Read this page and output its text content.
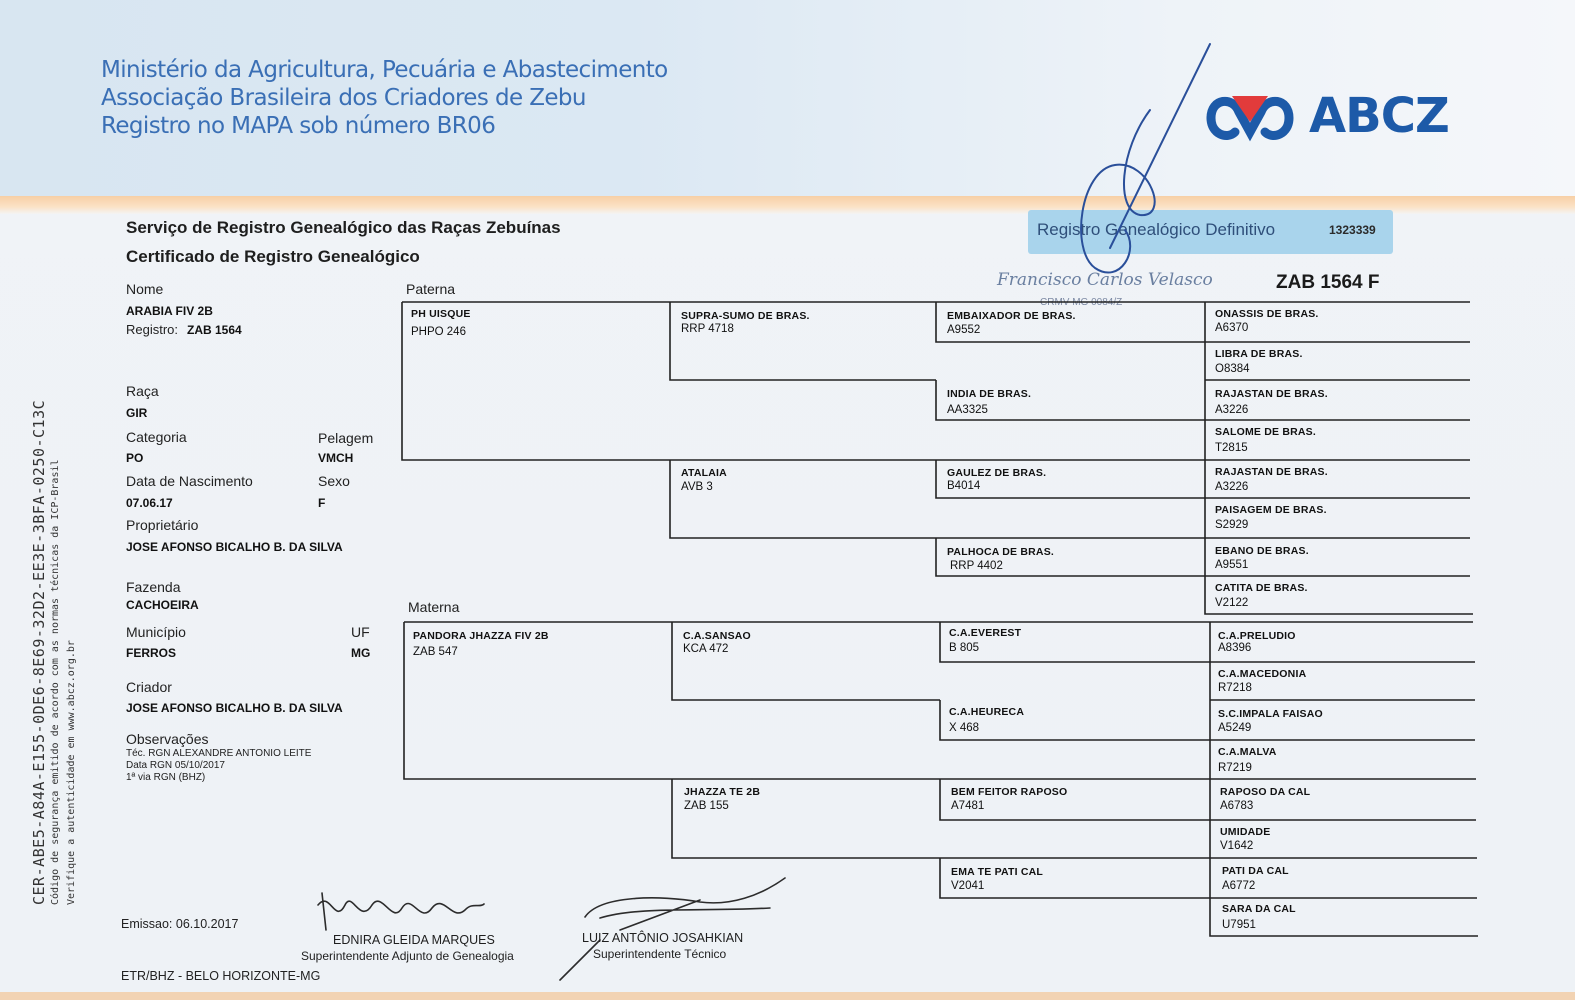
Ministério da Agricultura, Pecuária e Abastecimento
Associação Brasileira dos Criadores de Zebu
Registro no MAPA sob número BR06	ABCZ
Serviço de Registro Genealógico das Raças Zebuínas
Certificado de Registro Genealógico
Registro Genealógico Definitivo	1323339
ZAB 1564 F
Francisco Carlos Velasco
CRMV-MG 0084/Z
CER-ABE5-A84A-E155-0DE6-8E69-32D2-EE3E-3BFA-0250-C13C Código de segurança emitido de acordo com as normas técnicas da ICP-Brasil Verifique a autenticidade em www.abcz.org.br
Nome
ARABIA FIV 2B
Registro: ZAB 1564
Raça
GIR
Categoria
PO
Pelagem
VMCH
Data de Nascimento
07.06.17
Sexo
F
Proprietário
JOSE AFONSO BICALHO B. DA SILVA
Fazenda
CACHOEIRA
Município
FERROS
UF
MG
Criador
JOSE AFONSO BICALHO B. DA SILVA
Observações
Téc. RGN ALEXANDRE ANTONIO LEITE
Data RGN 05/10/2017
1ª via RGN (BHZ)
Paterna
Materna
PH UISQUE
PHPO 246
PANDORA JHAZZA FIV 2B
ZAB 547
SUPRA-SUMO DE BRAS.
RRP 4718
ATALAIA
AVB 3
C.A.SANSAO
KCA 472
JHAZZA TE 2B
ZAB 155
EMBAIXADOR DE BRAS.
A9552
INDIA DE BRAS.
AA3325
GAULEZ DE BRAS.
B4014
PALHOCA DE BRAS.
RRP 4402
C.A.EVEREST
B 805
C.A.HEURECA
X 468
BEM FEITOR RAPOSO
A7481
EMA TE PATI CAL
V2041
ONASSIS DE BRAS.
A6370
LIBRA DE BRAS.
O8384
RAJASTAN DE BRAS.
A3226
SALOME DE BRAS.
T2815
RAJASTAN DE BRAS.
A3226
PAISAGEM DE BRAS.
S2929
EBANO DE BRAS.
A9551
CATITA DE BRAS.
V2122
C.A.PRELUDIO
A8396
C.A.MACEDONIA
R7218
S.C.IMPALA FAISAO
A5249
C.A.MALVA
R7219
RAPOSO DA CAL
A6783
UMIDADE
V1642
PATI DA CAL
A6772
SARA DA CAL
U7951
Emissao: 06.10.2017
EDNIRA GLEIDA MARQUES
Superintendente Adjunto de Genealogia
LUIZ ANTÔNIO JOSAHKIAN
Superintendente Técnico
ETR/BHZ - BELO HORIZONTE-MG
